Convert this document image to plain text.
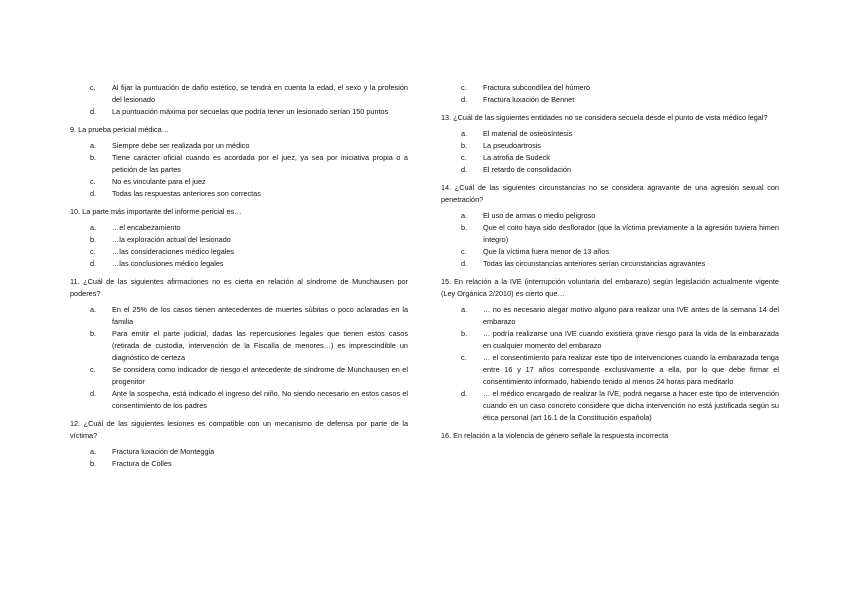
c.	Al fijar la puntuación de daño estético, se tendrá en cuenta la edad, el sexo y la profesión del lesionado
d.	La puntuación máxima por secuelas que podría tener un lesionado serían 150 puntos

9. La prueba pericial médica…

a.	Siempre debe ser realizada por un médico
b.	Tiene carácter oficial cuando es acordada por el juez, ya sea por iniciativa propia o a petición de las partes
c.	No es vinculante para el juez
d.	Todas las respuestas anteriores son correctas

10. La parte más importante del informe pericial es…

a.	…el encabezamiento
b.	…la exploración actual del lesionado
c.	…las consideraciones médico legales
d.	…las conclusiones médico legales

11. ¿Cuál de las siguientes afirmaciones no es cierta en relación al síndrome de Munchausen por poderes?

a.	En el 25% de los casos tienen antecedentes de muertes súbitas o poco aclaradas en la familia
b.	Para emitir el parte judicial, dadas las repercusiones legales que tienen estos casos (retirada de custodia, intervención de la Fiscalía de menores…) es imprescindible un diagnóstico de certeza
c.	Se considera como indicador de riesgo el antecedente de síndrome de Munchausen en el progenitor
d.	Ante la sospecha, está indicado el ingreso del niño. No siendo necesario en estos casos el consentimiento de los padres

12. ¿Cuál de las siguientes lesiones es compatible con un mecanismo de defensa por parte de la víctima?

a.	Fractura luxación de Monteggia
b.	Fractura de Colles
c.	Fractura subcondílea del húmero
d.	Fractura luxación de Bennet

13. ¿Cuál de las siguientes entidades no se considera secuela desde el punto de vista médico legal?

a.	El material de osteosíntesis
b.	La pseudoartrosis
c.	La atrofia de Sudeck
d.	El retardo de consolidación

14. ¿Cuál de las siguientes circunstancias no se considera agravante de una agresión sexual con penetración?

a.	El uso de armas o medio peligroso
b.	Que el coito haya sido desflorador (que la víctima previamente a la agresión tuviera himen íntegro)
c.	Que la víctima fuera menor de 13 años
d.	Todas las circunstancias anteriores serían circunstancias agravantes

15. En relación a la IVE (interrupción voluntaria del embarazo) según legislación actualmente vigente (Ley Orgánica 2/2010) es cierto que…

a.	… no es necesario alegar motivo alguno para realizar una IVE antes de la semana 14 del embarazo
b.	… podría realizarse una IVE cuando existiera grave riesgo para la vida de la embarazada en cualquier momento del embarazo
c.	… el consentimiento para realizar este tipo de intervenciones cuando la embarazada tenga entre 16 y 17 años corresponde exclusivamente a ella, por lo que debe firmar el consentimiento informado, habiendo tenido al menos 24 horas para meditarlo
d.	… el médico encargado de realizar la IVE, podrá negarse a hacer este tipo de intervención cuando en un caso concreto considere que dicha intervención no está justificada según su ética personal (art 16.1 de la Constitución española)

16. En relación a la violencia de género señale la respuesta incorrecta
